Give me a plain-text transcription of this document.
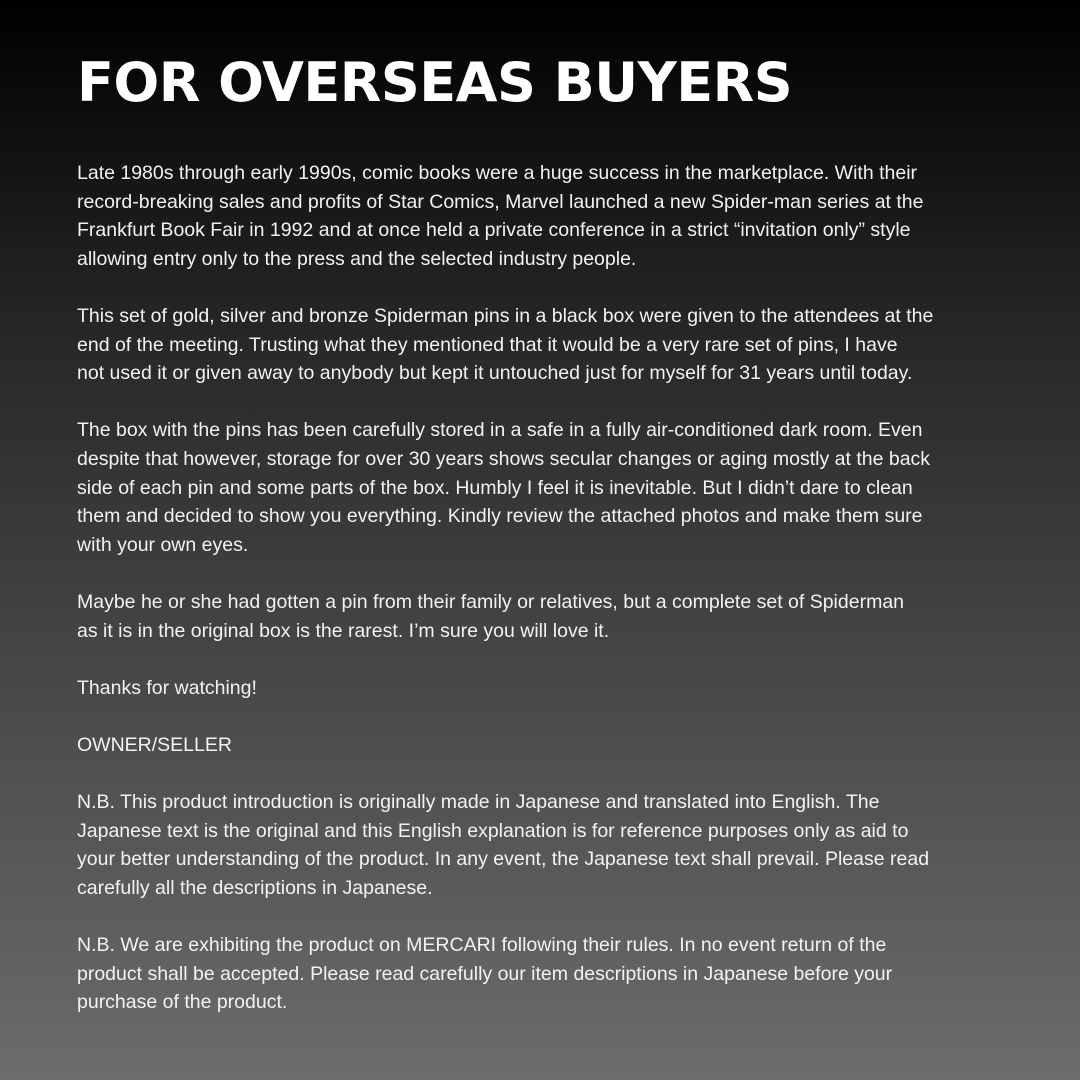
FOR OVERSEAS BUYERS

Late 1980s through early 1990s, comic books were a huge success in the marketplace. With their
record-breaking sales and profits of Star Comics, Marvel launched a new Spider-man series at the
Frankfurt Book Fair in 1992 and at once held a private conference in a strict “invitation only” style
allowing entry only to the press and the selected industry people.

This set of gold, silver and bronze Spiderman pins in a black box were given to the attendees at the
end of the meeting. Trusting what they mentioned that it would be a very rare set of pins, I have
not used it or given away to anybody but kept it untouched just for myself for 31 years until today.

The box with the pins has been carefully stored in a safe in a fully air-conditioned dark room. Even
despite that however, storage for over 30 years shows secular changes or aging mostly at the back
side of each pin and some parts of the box. Humbly I feel it is inevitable. But I didn’t dare to clean
them and decided to show you everything. Kindly review the attached photos and make them sure
with your own eyes.

Maybe he or she had gotten a pin from their family or relatives, but a complete set of Spiderman
as it is in the original box is the rarest. I’m sure you will love it.

Thanks for watching!

OWNER/SELLER

N.B. This product introduction is originally made in Japanese and translated into English. The
Japanese text is the original and this English explanation is for reference purposes only as aid to
your better understanding of the product. In any event, the Japanese text shall prevail. Please read
carefully all the descriptions in Japanese.

N.B. We are exhibiting the product on MERCARI following their rules. In no event return of the
product shall be accepted. Please read carefully our item descriptions in Japanese before your
purchase of the product.
